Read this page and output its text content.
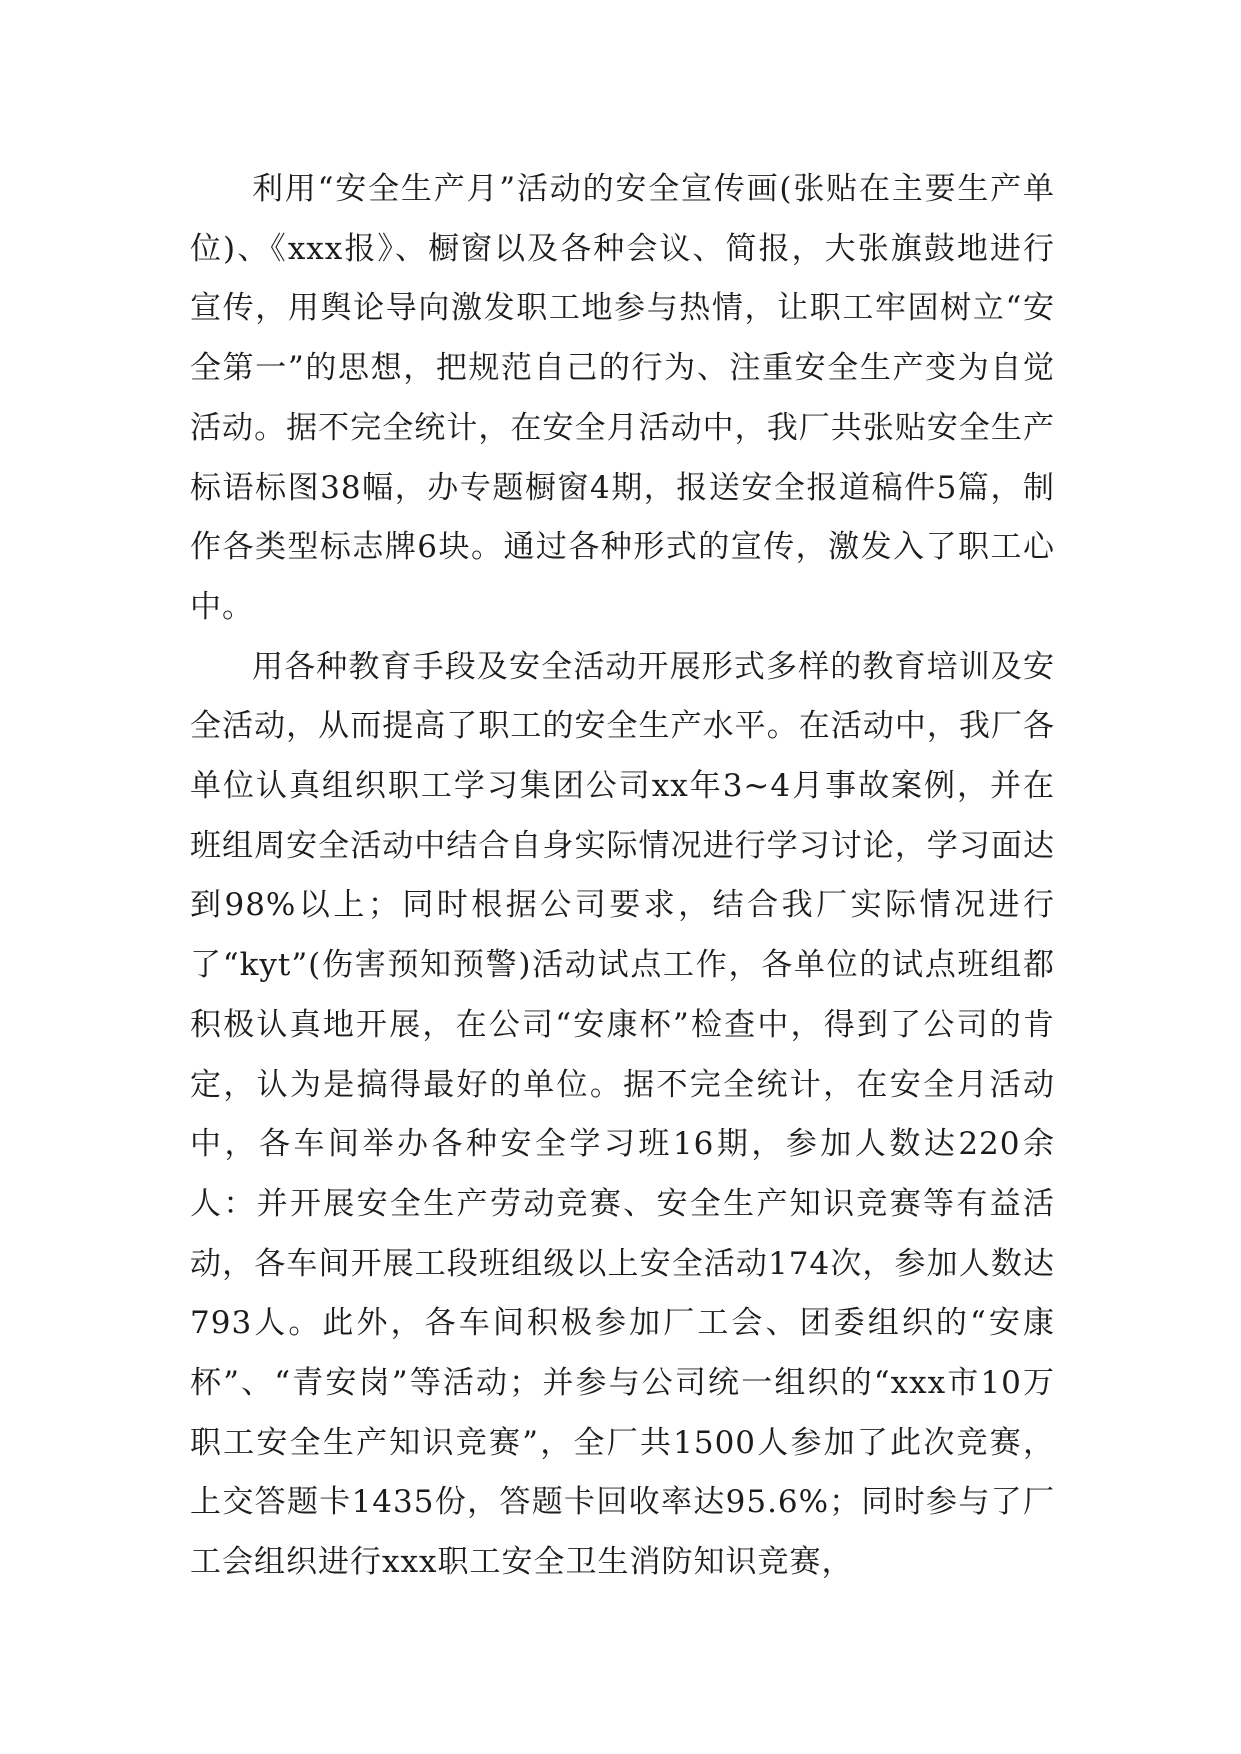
利用“安全生产月”活动的安全宣传画(张贴在主要生产单位)、《xxx报》、橱窗以及各种会议、简报，大张旗鼓地进行宣传，用舆论导向激发职工地参与热情，让职工牢固树立“安全第一”的思想，把规范自己的行为、注重安全生产变为自觉活动。据不完全统计，在安全月活动中，我厂共张贴安全生产标语标图38幅，办专题橱窗4期，报送安全报道稿件5篇，制作各类型标志牌6块。通过各种形式的宣传，激发入了职工心中。

用各种教育手段及安全活动开展形式多样的教育培训及安全活动，从而提高了职工的安全生产水平。在活动中，我厂各单位认真组织职工学习集团公司xx年3~4月事故案例，并在班组周安全活动中结合自身实际情况进行学习讨论，学习面达到98%以上；同时根据公司要求，结合我厂实际情况进行了“kyt”(伤害预知预警)活动试点工作，各单位的试点班组都积极认真地开展，在公司“安康杯”检查中，得到了公司的肯定，认为是搞得最好的单位。据不完全统计，在安全月活动中，各车间举办各种安全学习班16期，参加人数达220余人：并开展安全生产劳动竞赛、安全生产知识竞赛等有益活动，各车间开展工段班组级以上安全活动174次，参加人数达793人。此外，各车间积极参加厂工会、团委组织的“安康杯”、“青安岗”等活动；并参与公司统一组织的“xxx市10万职工安全生产知识竞赛”，全厂共1500人参加了此次竞赛，上交答题卡1435份，答题卡回收率达95.6%；同时参与了厂工会组织进行xxx职工安全卫生消防知识竞赛，
